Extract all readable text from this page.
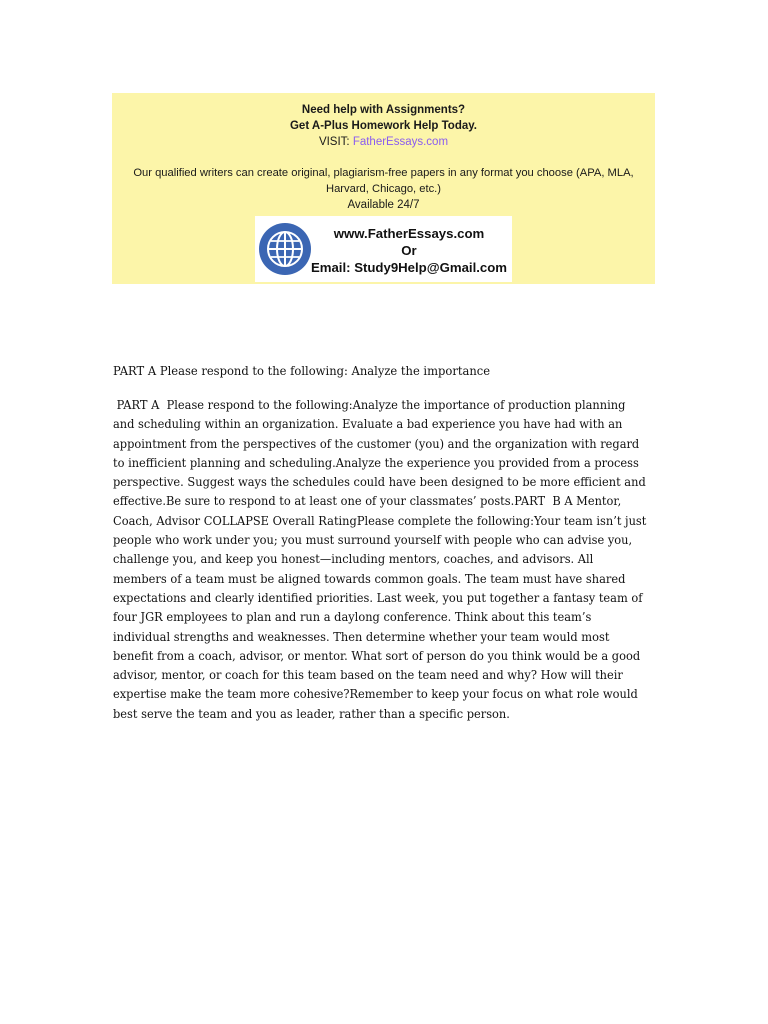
Need help with Assignments?
Get A-Plus Homework Help Today.
VISIT: FatherEssays.com
Our qualified writers can create original, plagiarism-free papers in any format you choose (APA, MLA, Harvard, Chicago, etc.)
Available 24/7
www.FatherEssays.com
Or
Email: Study9Help@Gmail.com
PART A Please respond to the following: Analyze the importance
PART A  Please respond to the following:Analyze the importance of production planning
and scheduling within an organization. Evaluate a bad experience you have had with an
appointment from the perspectives of the customer (you) and the organization with regard
to inefficient planning and scheduling.Analyze the experience you provided from a process
perspective. Suggest ways the schedules could have been designed to be more efficient and
effective.Be sure to respond to at least one of your classmates’ posts.PART  B A Mentor,
Coach, Advisor COLLAPSE Overall RatingPlease complete the following:Your team isn’t just
people who work under you; you must surround yourself with people who can advise you,
challenge you, and keep you honest—including mentors, coaches, and advisors. All
members of a team must be aligned towards common goals. The team must have shared
expectations and clearly identified priorities. Last week, you put together a fantasy team of
four JGR employees to plan and run a daylong conference. Think about this team’s
individual strengths and weaknesses. Then determine whether your team would most
benefit from a coach, advisor, or mentor. What sort of person do you think would be a good
advisor, mentor, or coach for this team based on the team need and why? How will their
expertise make the team more cohesive?Remember to keep your focus on what role would
best serve the team and you as leader, rather than a specific person.
